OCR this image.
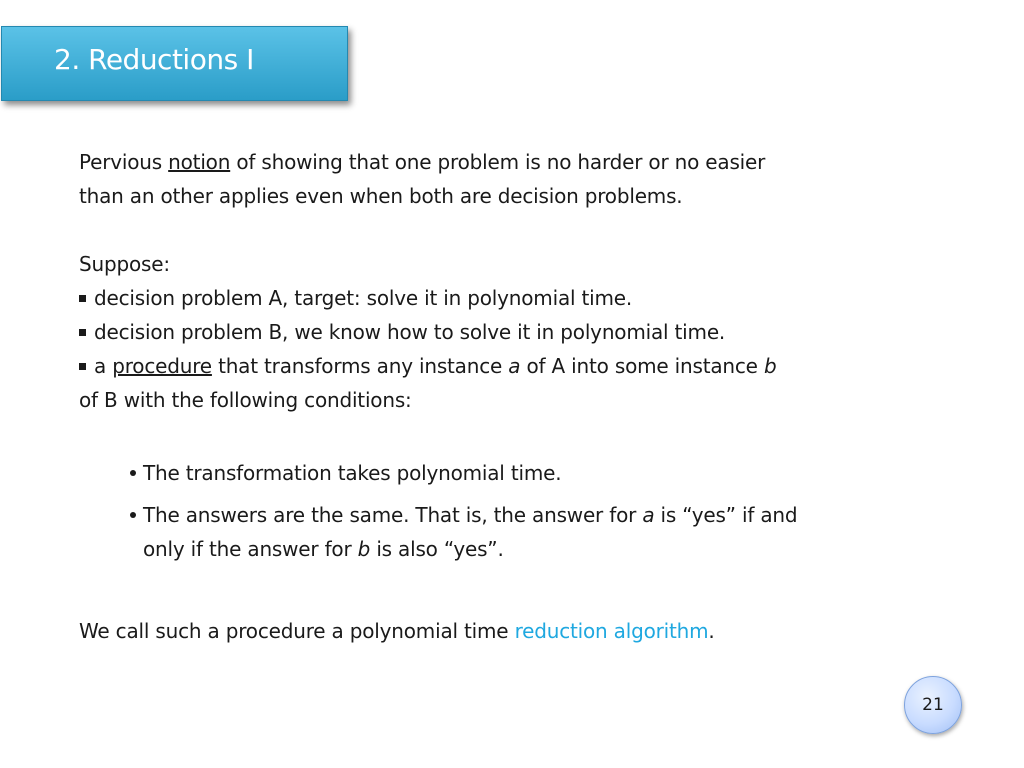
2. Reductions I
Pervious notion of showing that one problem is no harder or no easier
than an other applies even when both are decision problems.
Suppose:
decision problem A, target: solve it in polynomial time.
decision problem B, we know how to solve it in polynomial time.
a procedure that transforms any instance a of A into some instance b
of B with the following conditions:
The transformation takes polynomial time.
The answers are the same. That is, the answer for a is “yes” if and
only if the answer for b is also “yes”.
We call such a procedure a polynomial time reduction algorithm.
21
